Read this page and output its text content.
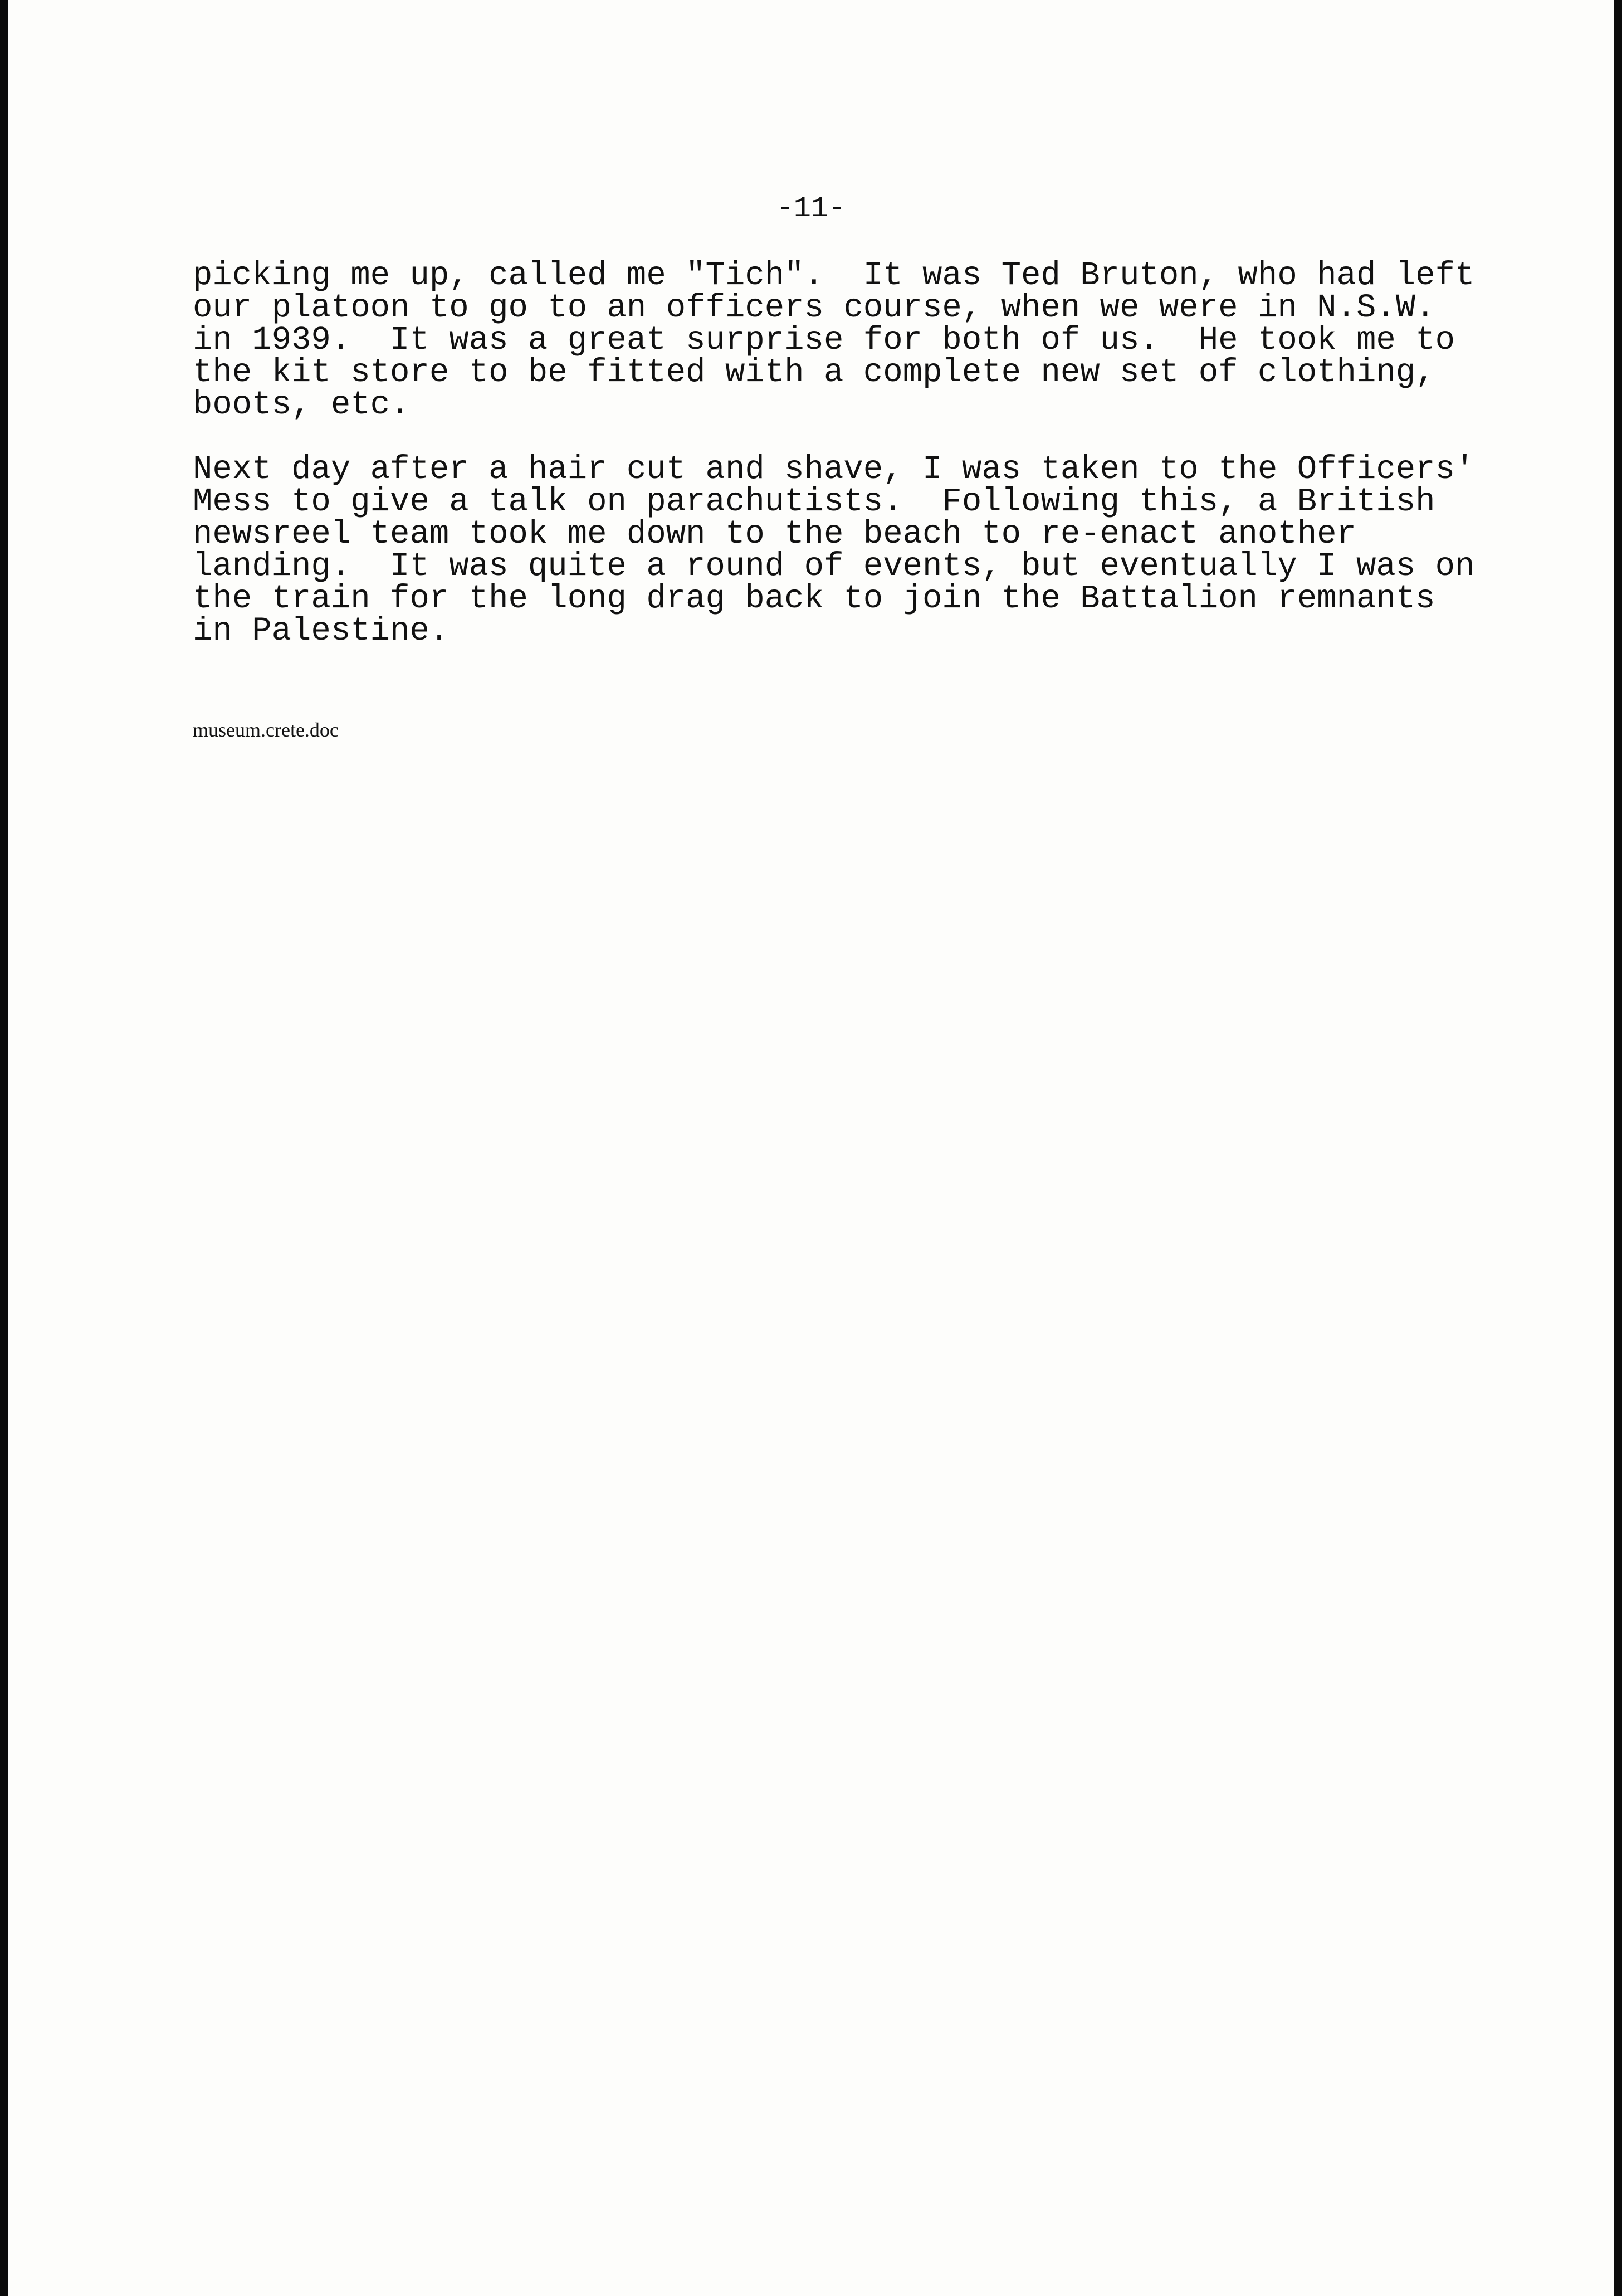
-11-

picking me up, called me "Tich".  It was Ted Bruton, who had left
our platoon to go to an officers course, when we were in N.S.W.
in 1939.  It was a great surprise for both of us.  He took me to
the kit store to be fitted with a complete new set of clothing,
boots, etc.

Next day after a hair cut and shave, I was taken to the Officers'
Mess to give a talk on parachutists.  Following this, a British
newsreel team took me down to the beach to re-enact another
landing.  It was quite a round of events, but eventually I was on
the train for the long drag back to join the Battalion remnants
in Palestine.

museum.crete.doc
